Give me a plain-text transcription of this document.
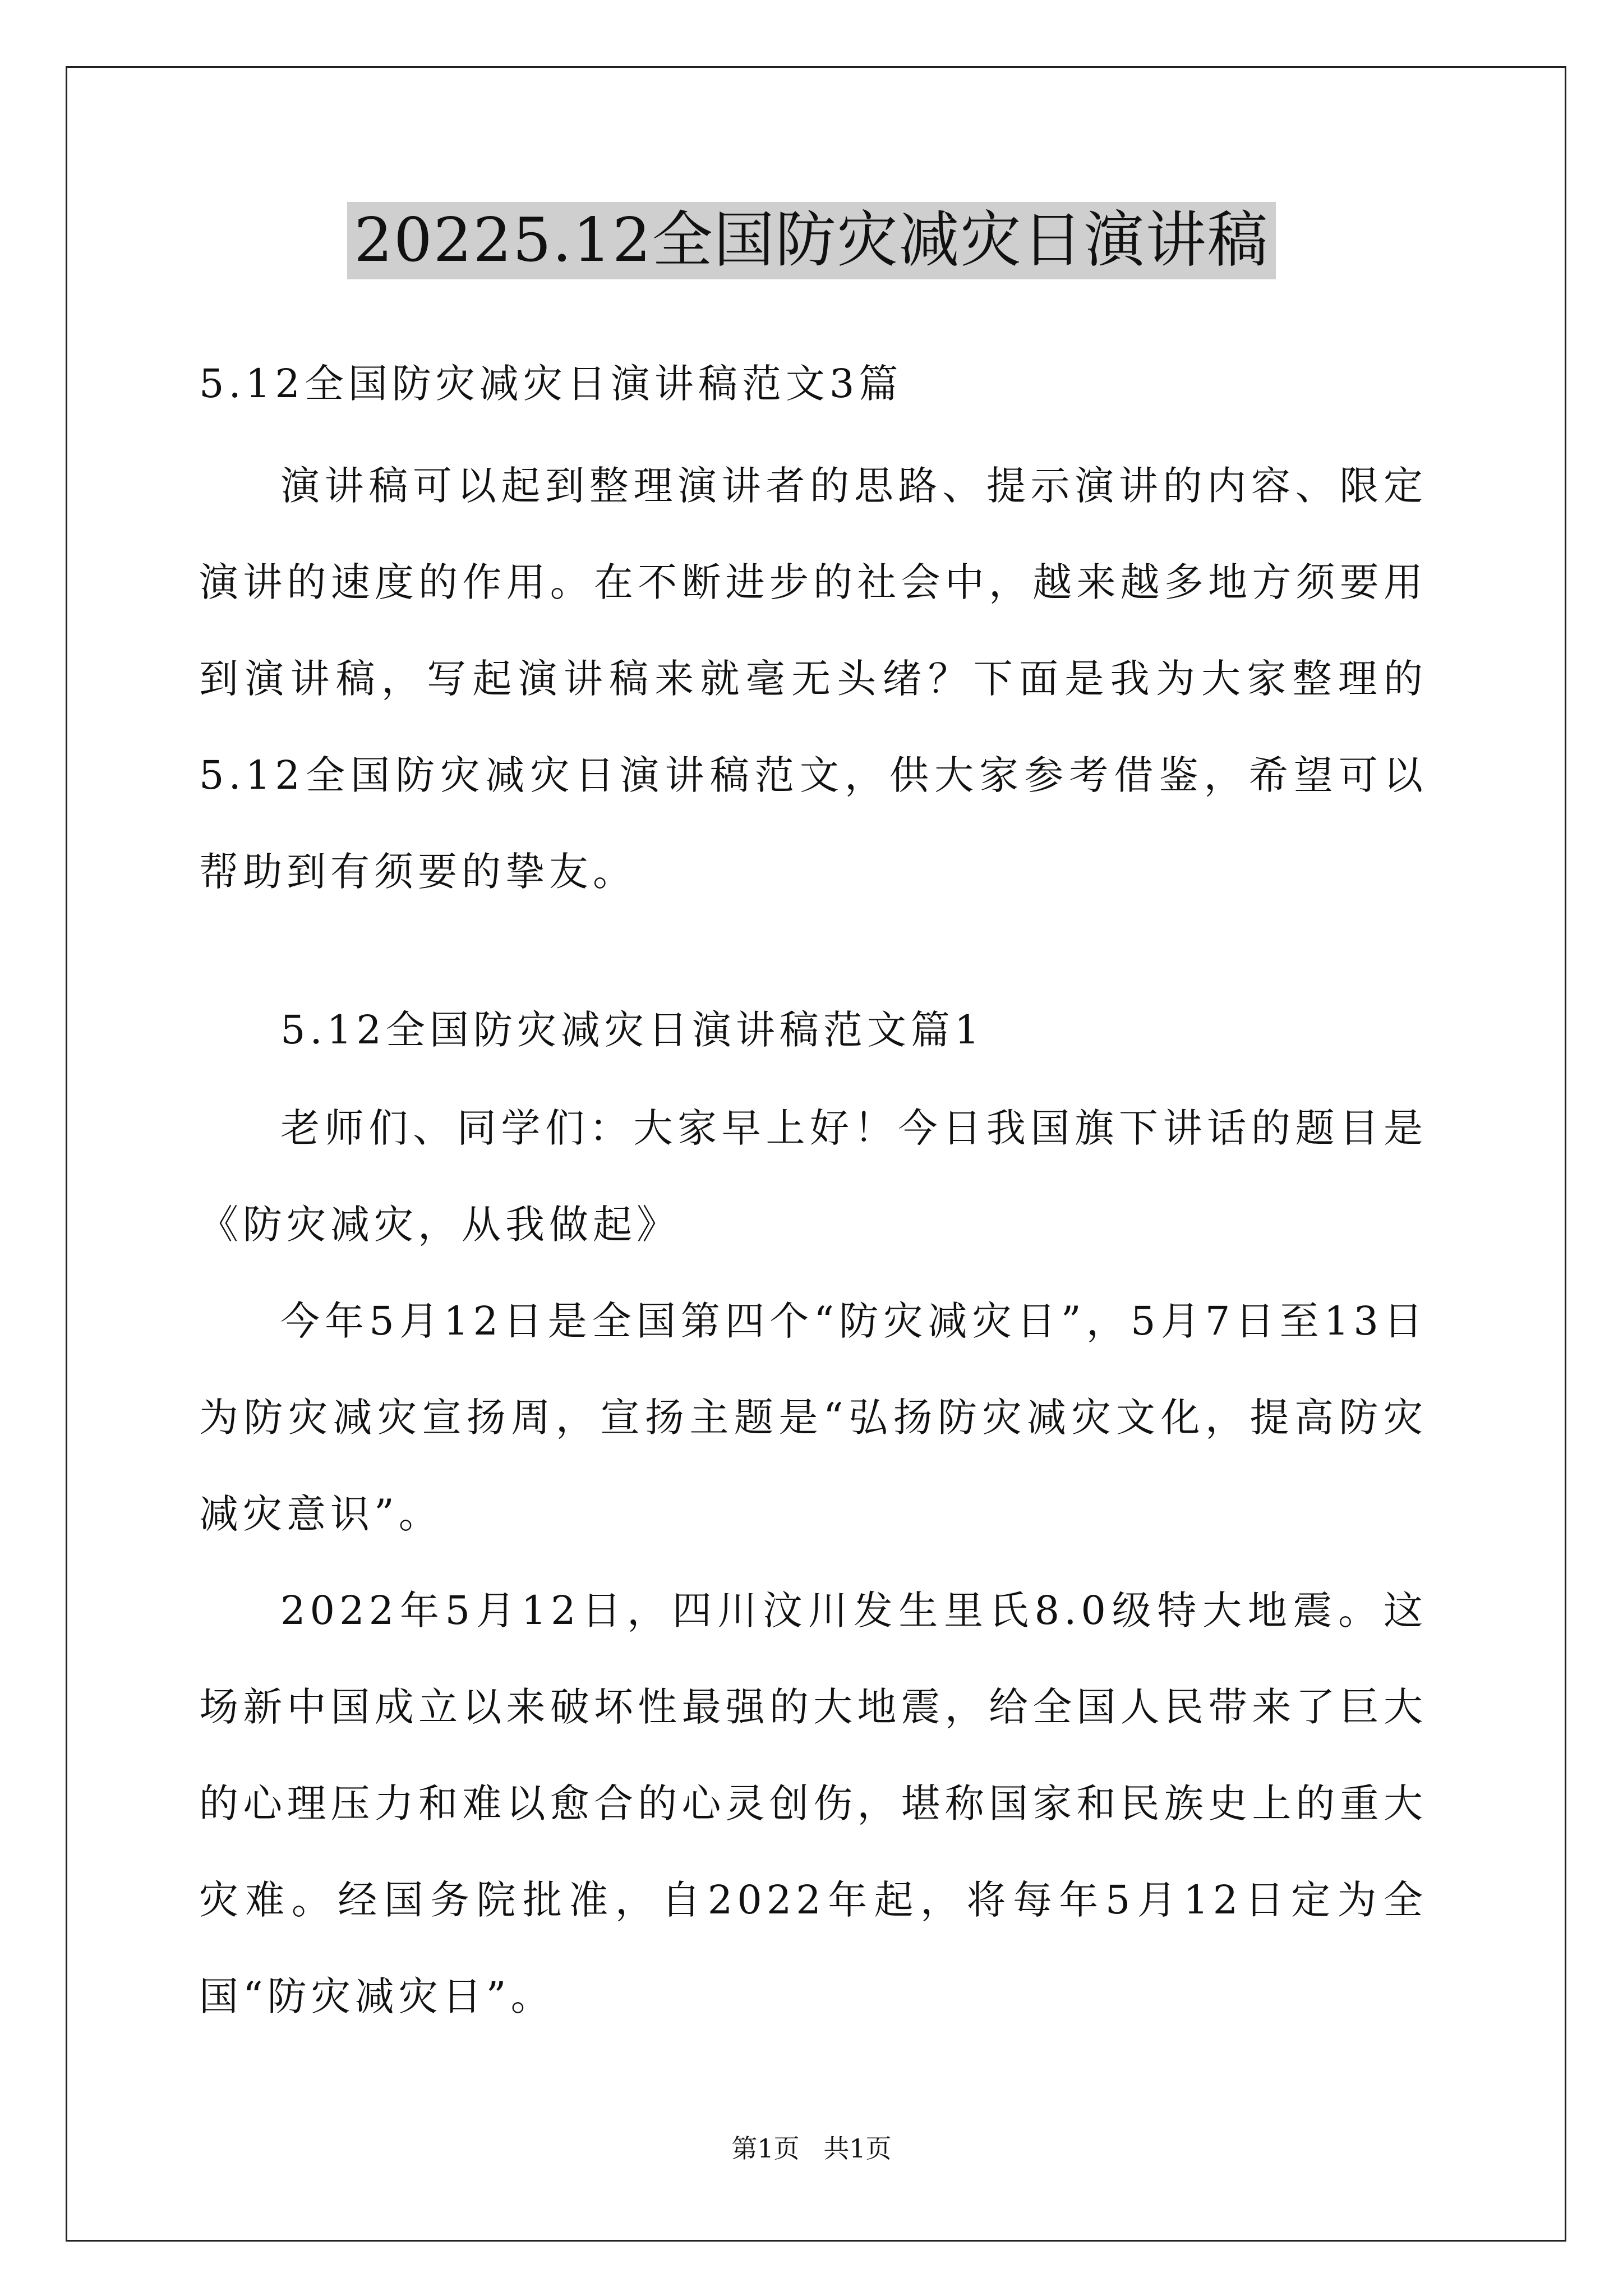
20225.12全国防灾减灾日演讲稿

5.12全国防灾减灾日演讲稿范文3篇

演讲稿可以起到整理演讲者的思路、提示演讲的内容、限定演讲的速度的作用。在不断进步的社会中，越来越多地方须要用到演讲稿，写起演讲稿来就毫无头绪？下面是我为大家整理的5.12全国防灾减灾日演讲稿范文，供大家参考借鉴，希望可以帮助到有须要的挚友。

5.12全国防灾减灾日演讲稿范文篇1

老师们、同学们：大家早上好！今日我国旗下讲话的题目是《防灾减灾，从我做起》

今年5月12日是全国第四个“防灾减灾日”，5月7日至13日为防灾减灾宣扬周，宣扬主题是“弘扬防灾减灾文化，提高防灾减灾意识”。

2022年5月12日，四川汶川发生里氏8.0级特大地震。这场新中国成立以来破坏性最强的大地震，给全国人民带来了巨大的心理压力和难以愈合的心灵创伤，堪称国家和民族史上的重大灾难。经国务院批准，自2022年起，将每年5月12日定为全国“防灾减灾日”。

第1页 共1页
